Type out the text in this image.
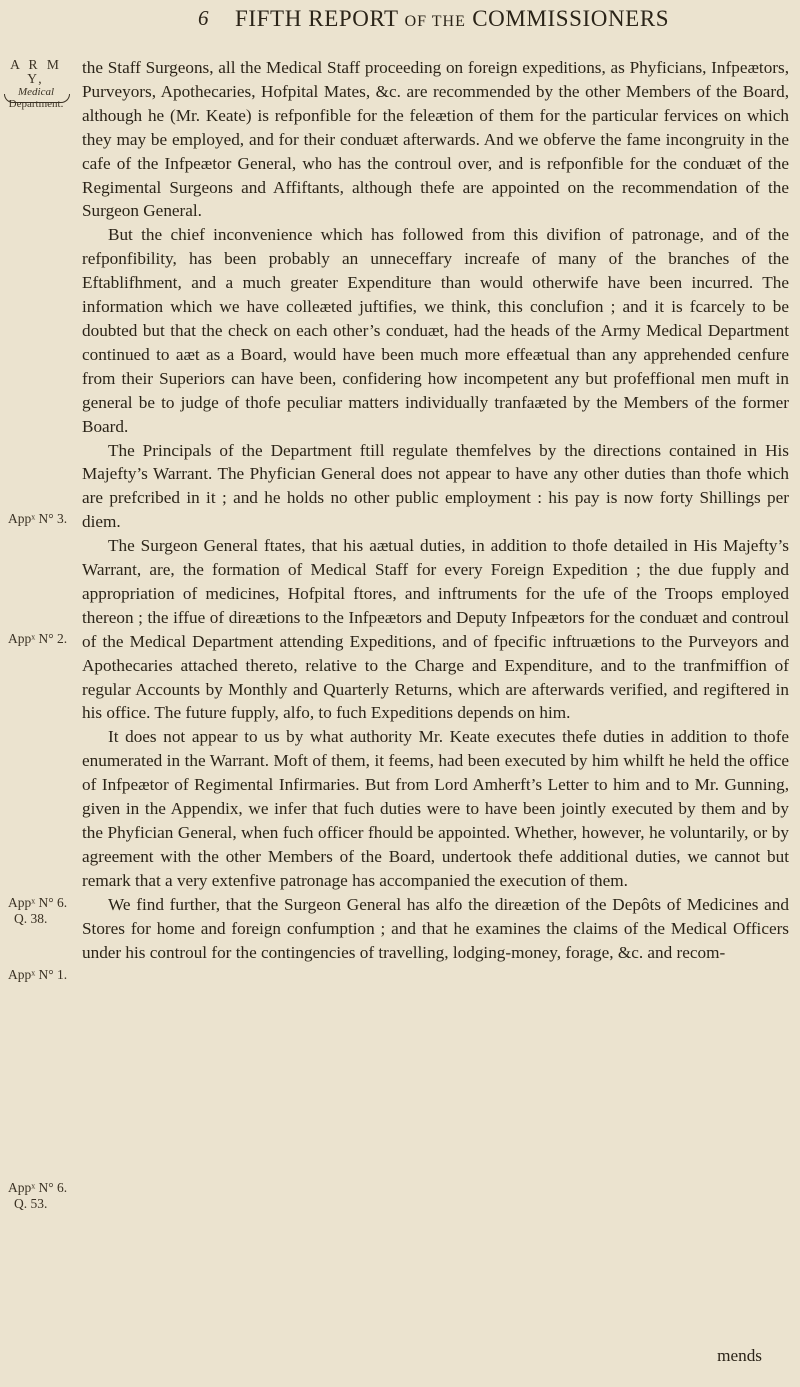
6 FIFTH REPORT OF THE COMMISSIONERS
A R M Y,
Medical
Department.
Appˣ N° 3.
Appˣ N° 2.
Appˣ N° 6.
Q. 38.
Appˣ N° 1.
Appˣ N° 6.
Q. 53.

the Staff Surgeons, all the Medical Staff proceeding on foreign expeditions, as Phyficians, Infpeætors, Purveyors, Apothecaries, Hofpital Mates, &c. are recommended by the other Members of the Board, although he (Mr. Keate) is refponfible for the feleætion of them for the particular fervices on which they may be employed, and for their conduæt afterwards. And we obferve the fame incongruity in the cafe of the Infpeætor General, who has the controul over, and is refponfible for the conduæt of the Regimental Surgeons and Affiftants, although thefe are appointed on the recommendation of the Surgeon General.

But the chief inconvenience which has followed from this divifion of patronage, and of the refponfibility, has been probably an unneceffary increafe of many of the branches of the Eftablifhment, and a much greater Expenditure than would otherwife have been incurred. The information which we have colleæted juftifies, we think, this conclufion ; and it is fcarcely to be doubted but that the check on each other’s conduæt, had the heads of the Army Medical Department continued to aæt as a Board, would have been much more effeætual than any apprehended cenfure from their Superiors can have been, confidering how incompetent any but profeffional men muft in general be to judge of thofe peculiar matters individually tranfaæted by the Members of the former Board.

The Principals of the Department ftill regulate themfelves by the directions contained in His Majefty’s Warrant. The Phyfician General does not appear to have any other duties than thofe which are prefcribed in it ; and he holds no other public employment : his pay is now forty Shillings per diem.

The Surgeon General ftates, that his aætual duties, in addition to thofe detailed in His Majefty’s Warrant, are, the formation of Medical Staff for every Foreign Expedition ; the due fupply and appropriation of medicines, Hofpital ftores, and inftruments for the ufe of the Troops employed thereon ; the iffue of direætions to the Infpeætors and Deputy Infpeætors for the conduæt and controul of the Medical Department attending Expeditions, and of fpecific inftruætions to the Purveyors and Apothecaries attached thereto, relative to the Charge and Expenditure, and to the tranfmiffion of regular Accounts by Monthly and Quarterly Returns, which are afterwards verified, and regiftered in his office. The future fupply, alfo, to fuch Expeditions depends on him.

It does not appear to us by what authority Mr. Keate executes thefe duties in addition to thofe enumerated in the Warrant. Moft of them, it feems, had been executed by him whilft he held the office of Infpeætor of Regimental Infirmaries. But from Lord Amherft’s Letter to him and to Mr. Gunning, given in the Appendix, we infer that fuch duties were to have been jointly executed by them and by the Phyfician General, when fuch officer fhould be appointed. Whether, however, he voluntarily, or by agreement with the other Members of the Board, undertook thefe additional duties, we cannot but remark that a very extenfive patronage has accompanied the execution of them.

We find further, that the Surgeon General has alfo the direætion of the Depôts of Medicines and Stores for home and foreign confumption ; and that he examines the claims of the Medical Officers under his controul for the contingencies of travelling, lodging-money, forage, &c. and recom-

mends
